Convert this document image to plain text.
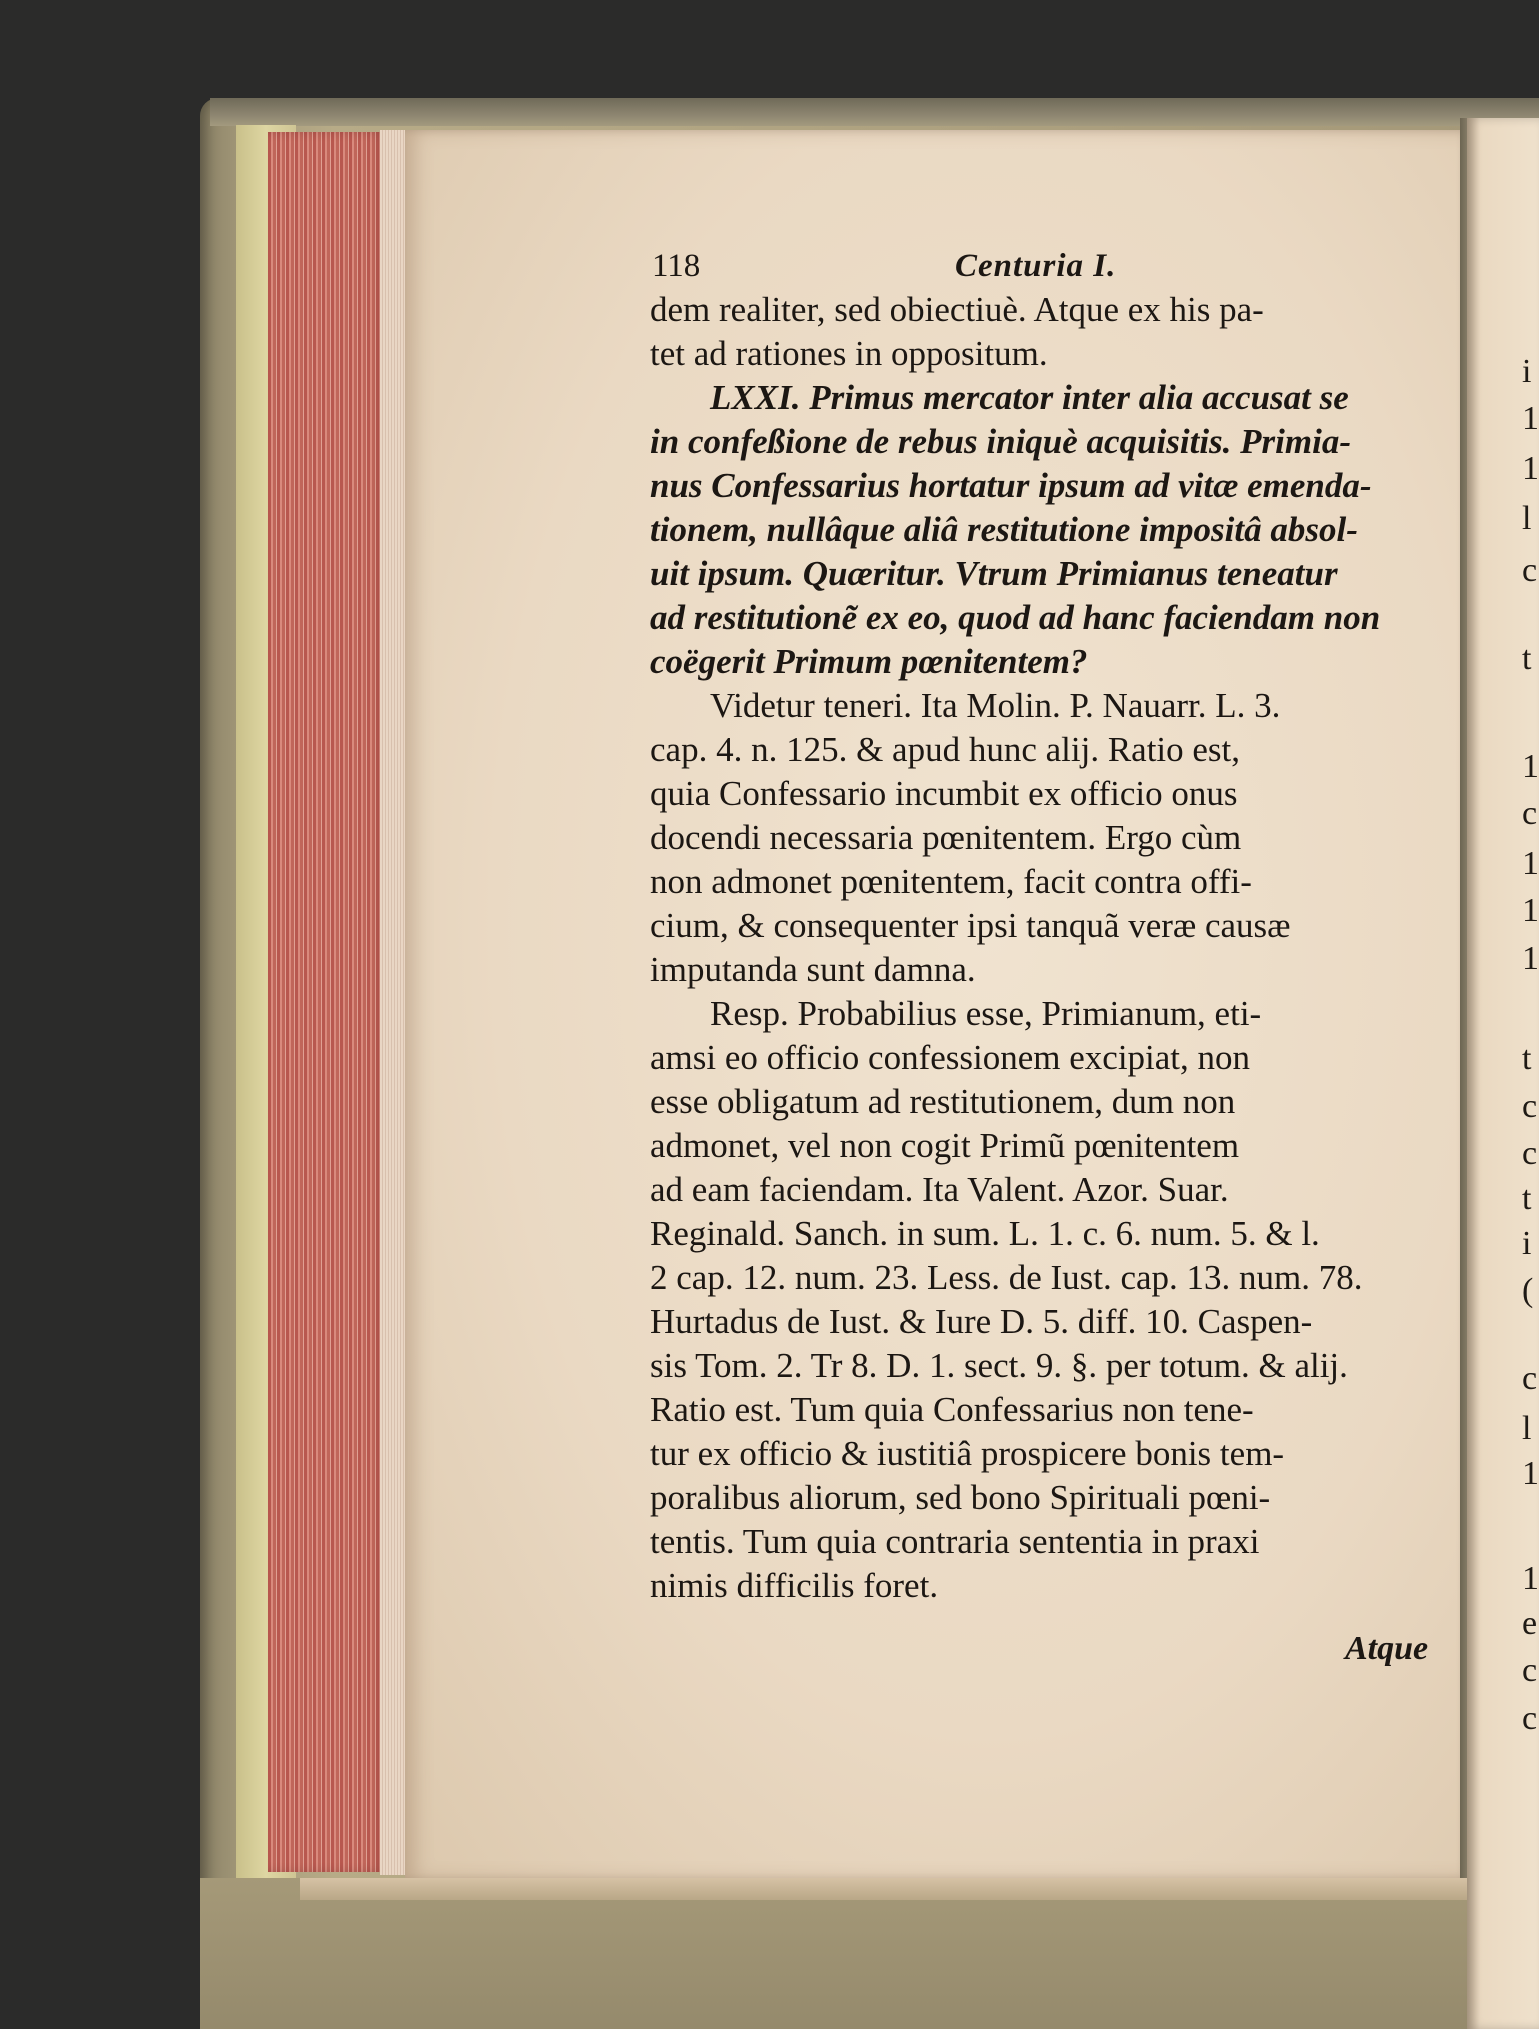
118	Centuria I.
dem realiter, sed obiectiuè. Atque ex his pa-
tet ad rationes in oppositum.
LXXI. Primus mercator inter alia accusat se
in confeßione de rebus iniquè acquisitis. Primia-
nus Confessarius hortatur ipsum ad vitæ emenda-
tionem, nullâque aliâ restitutione impositâ absol-
uit ipsum. Quæritur. Vtrum Primianus teneatur
ad restitutionẽ ex eo, quod ad hanc faciendam non
coëgerit Primum pœnitentem?
Videtur teneri. Ita Molin. P. Nauarr. L. 3.
cap. 4. n. 125. & apud hunc alij. Ratio est,
quia Confessario incumbit ex officio onus
docendi necessaria pœnitentem. Ergo cùm
non admonet pœnitentem, facit contra offi-
cium, & consequenter ipsi tanquã veræ causæ
imputanda sunt damna.
Resp. Probabilius esse, Primianum, eti-
amsi eo officio confessionem excipiat, non
esse obligatum ad restitutionem, dum non
admonet, vel non cogit Primũ pœnitentem
ad eam faciendam. Ita Valent. Azor. Suar.
Reginald. Sanch. in sum. L. 1. c. 6. num. 5. & l.
2 cap. 12. num. 23. Less. de Iust. cap. 13. num. 78.
Hurtadus de Iust. & Iure D. 5. diff. 10. Caspen-
sis Tom. 2. Tr 8. D. 1. sect. 9. §. per totum. & alij.
Ratio est. Tum quia Confessarius non tene-
tur ex officio & iustitiâ prospicere bonis tem-
poralibus aliorum, sed bono Spirituali pœni-
tentis. Tum quia contraria sententia in praxi
nimis difficilis foret.
Atque
i
1
1
l
c
t
1
c
1
1
1
t
c
c
t
i
(
c
l
1
1
e
c
c
